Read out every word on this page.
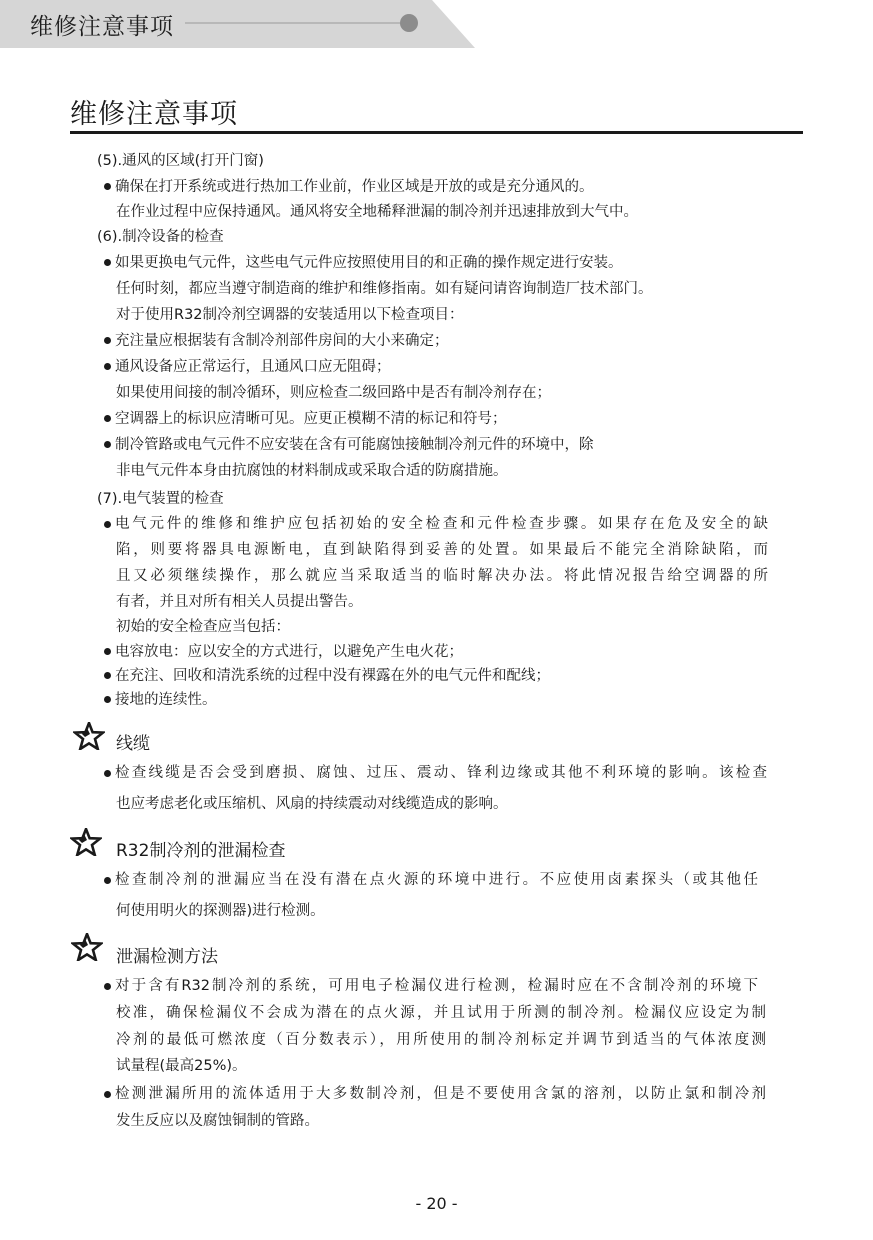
维修注意事项
维修注意事项
(5).通风的区域(打开门窗)
确保在打开系统或进行热加工作业前，作业区域是开放的或是充分通风的。
在作业过程中应保持通风。通风将安全地稀释泄漏的制冷剂并迅速排放到大气中。
(6).制冷设备的检查
如果更换电气元件，这些电气元件应按照使用目的和正确的操作规定进行安装。
任何时刻，都应当遵守制造商的维护和维修指南。如有疑问请咨询制造厂技术部门。
对于使用R32制冷剂空调器的安装适用以下检查项目：
充注量应根据装有含制冷剂部件房间的大小来确定；
通风设备应正常运行，且通风口应无阻碍；
如果使用间接的制冷循环，则应检查二级回路中是否有制冷剂存在；
空调器上的标识应清晰可见。应更正模糊不清的标记和符号；
制冷管路或电气元件不应安装在含有可能腐蚀接触制冷剂元件的环境中，除
非电气元件本身由抗腐蚀的材料制成或采取合适的防腐措施。
(7).电气装置的检查
电气元件的维修和维护应包括初始的安全检查和元件检查步骤。如果存在危及安全的缺
陷，则要将器具电源断电，直到缺陷得到妥善的处置。如果最后不能完全消除缺陷，而
且又必须继续操作，那么就应当采取适当的临时解决办法。将此情况报告给空调器的所
有者，并且对所有相关人员提出警告。
初始的安全检查应当包括：
电容放电：应以安全的方式进行，以避免产生电火花；
在充注、回收和清洗系统的过程中没有裸露在外的电气元件和配线；
接地的连续性。
线缆
检查线缆是否会受到磨损、腐蚀、过压、震动、锋利边缘或其他不利环境的影响。该检查
也应考虑老化或压缩机、风扇的持续震动对线缆造成的影响。
R32制冷剂的泄漏检查
检查制冷剂的泄漏应当在没有潜在点火源的环境中进行。不应使用卤素探头（或其他任
何使用明火的探测器)进行检测。
泄漏检测方法
对于含有R32制冷剂的系统，可用电子检漏仪进行检测，检漏时应在不含制冷剂的环境下
校准，确保检漏仪不会成为潜在的点火源，并且试用于所测的制冷剂。检漏仪应设定为制
冷剂的最低可燃浓度（百分数表示），用所使用的制冷剂标定并调节到适当的气体浓度测
试量程(最高25%)。
检测泄漏所用的流体适用于大多数制冷剂，但是不要使用含氯的溶剂，以防止氯和制冷剂
发生反应以及腐蚀铜制的管路。
- 20 -
